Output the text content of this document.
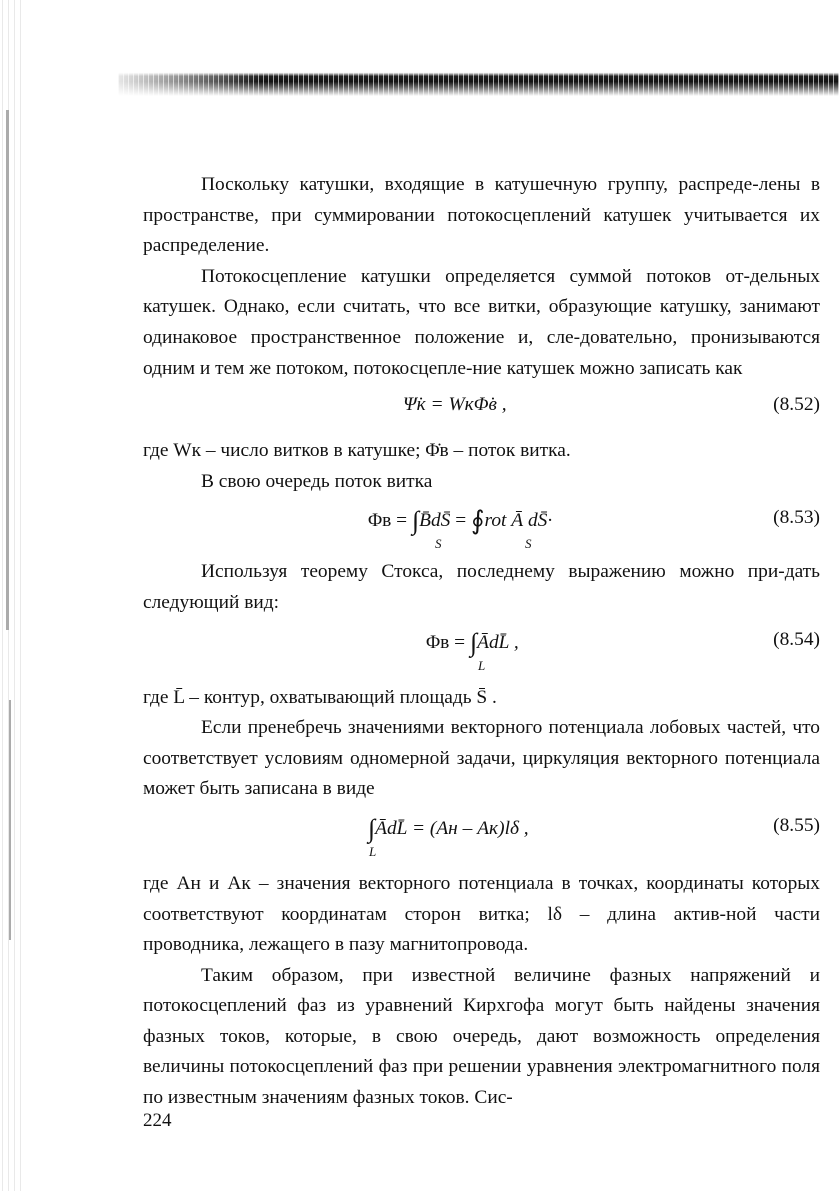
Поскольку катушки, входящие в катушечную группу, распреде-лены в пространстве, при суммировании потокосцеплений катушек учитывается их распределение.

Потокосцепление катушки определяется суммой потоков от-дельных катушек. Однако, если считать, что все витки, образующие катушку, занимают одинаковое пространственное положение и, сле-довательно, пронизываются одним и тем же потоком, потокосцепле-ние катушек можно записать как

Ψ̇к = WкΦ̇в ,	(8.52)

где Wк – число витков в катушке; Φ̇в – поток витка.

В свою очередь поток витка

Φв = ∫B̄dS̄ = ∮rot Ā dS̄·
S	S
(8.53)

Используя теорему Стокса, последнему выражению можно при-дать следующий вид:

Φв = ∫ĀdL̄ ,
L
(8.54)

где L̄ – контур, охватывающий площадь S̄ .

Если пренебречь значениями векторного потенциала лобовых частей, что соответствует условиям одномерной задачи, циркуляция векторного потенциала может быть записана в виде

∫ĀdL̄ = (Aн – Aк)lδ ,
L
(8.55)

где Aн и Aк – значения векторного потенциала в точках, координаты которых соответствуют координатам сторон витка; lδ – длина актив-ной части проводника, лежащего в пазу магнитопровода.

Таким образом, при известной величине фазных напряжений и потокосцеплений фаз из уравнений Кирхгофа могут быть найдены значения фазных токов, которые, в свою очередь, дают возможность определения величины потокосцеплений фаз при решении уравнения электромагнитного поля по известным значениям фазных токов. Сис-

224
